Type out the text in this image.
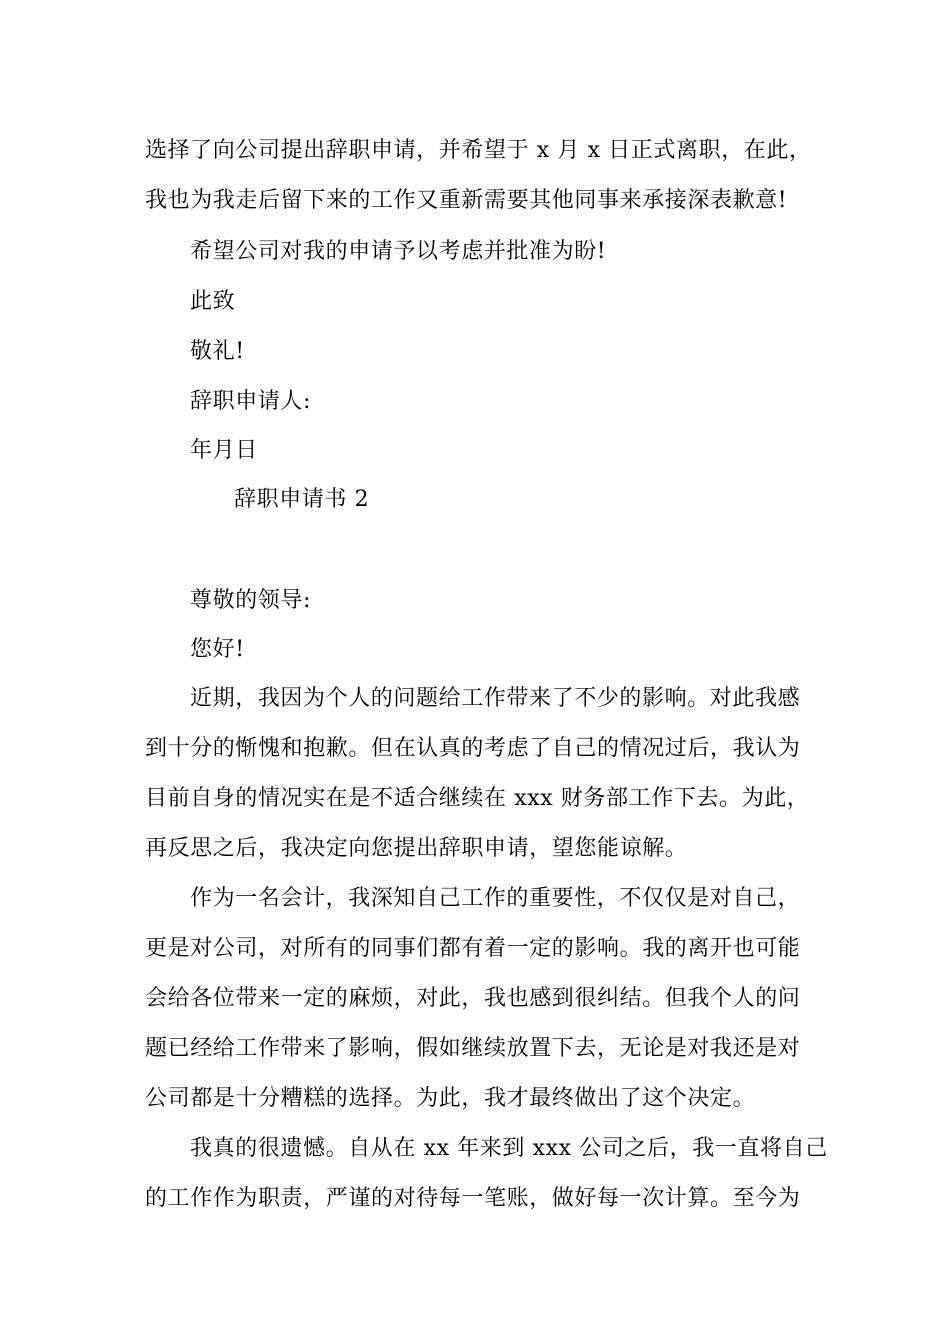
选择了向公司提出辞职申请，并希望于 x 月 x 日正式离职，在此，
我也为我走后留下来的工作又重新需要其他同事来承接深表歉意!
希望公司对我的申请予以考虑并批准为盼!
此致
敬礼!
辞职申请人:
年月日
辞职申请书 2
尊敬的领导:
您好!
近期，我因为个人的问题给工作带来了不少的影响。对此我感
到十分的惭愧和抱歉。但在认真的考虑了自己的情况过后，我认为
目前自身的情况实在是不适合继续在 xxx 财务部工作下去。为此，
再反思之后，我决定向您提出辞职申请，望您能谅解。
作为一名会计，我深知自己工作的重要性，不仅仅是对自己，
更是对公司，对所有的同事们都有着一定的影响。我的离开也可能
会给各位带来一定的麻烦，对此，我也感到很纠结。但我个人的问
题已经给工作带来了影响，假如继续放置下去，无论是对我还是对
公司都是十分糟糕的选择。为此，我才最终做出了这个决定。
我真的很遗憾。自从在 xx 年来到 xxx 公司之后，我一直将自己
的工作作为职责，严谨的对待每一笔账，做好每一次计算。至今为
